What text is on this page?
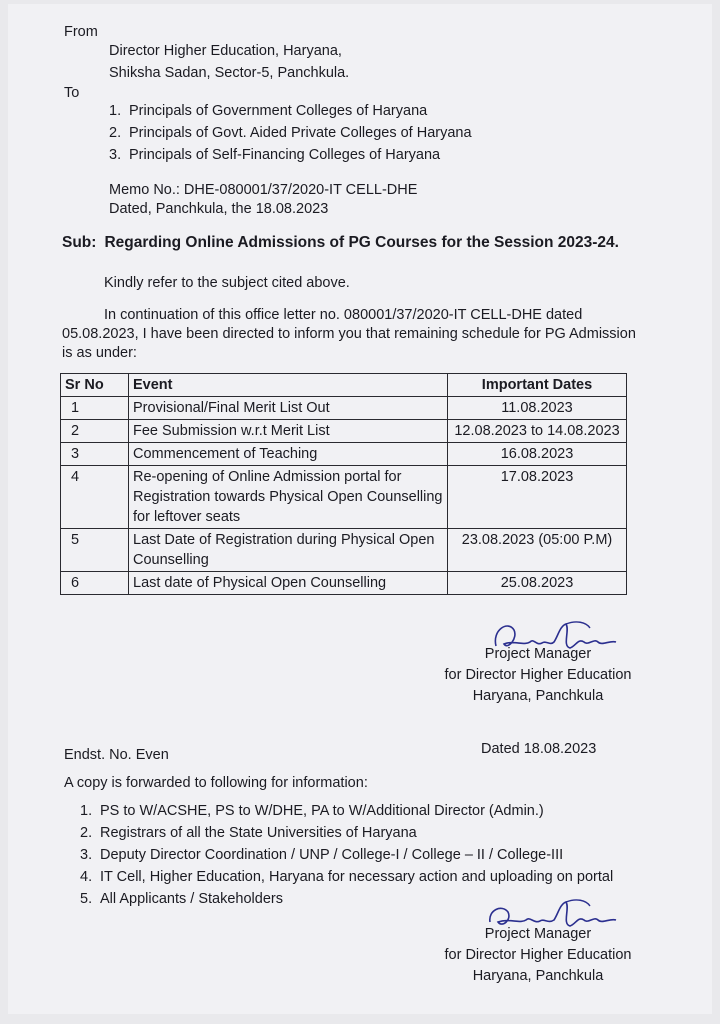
From

Director Higher Education, Haryana,

Shiksha Sadan, Sector-5, Panchkula.

To
1. Principals of Government Colleges of Haryana
2. Principals of Govt. Aided Private Colleges of Haryana
3. Principals of Self-Financing Colleges of Haryana

Memo No.: DHE-080001/37/2020-IT CELL-DHE

Dated, Panchkula, the 18.08.2023

Sub: Regarding Online Admissions of PG Courses for the Session 2023-24.
Kindly refer to the subject cited above.
In continuation of this office letter no. 080001/37/2020-IT CELL-DHE dated 05.08.2023, I have been directed to inform you that remaining schedule for PG Admission is as under:
Sr No	Event	Important Dates
1	Provisional/Final Merit List Out	11.08.2023
2	Fee Submission w.r.t Merit List	12.08.2023 to 14.08.2023
3	Commencement of Teaching	16.08.2023
4	Re-opening of Online Admission portal for Registration towards Physical Open Counselling for leftover seats	17.08.2023
5	Last Date of Registration during Physical Open Counselling	23.08.2023 (05:00 P.M)
6	Last date of Physical Open Counselling	25.08.2023
Project Manager
for Director Higher Education
Haryana, Panchkula
Endst. No. Even	Dated 18.08.2023
A copy is forwarded to following for information:
1. PS to W/ACSHE, PS to W/DHE, PA to W/Additional Director (Admin.)
2. Registrars of all the State Universities of Haryana
3. Deputy Director Coordination / UNP / College-I / College – II / College-III
4. IT Cell, Higher Education, Haryana for necessary action and uploading on portal
5. All Applicants / Stakeholders
Project Manager
for Director Higher Education
Haryana, Panchkula
